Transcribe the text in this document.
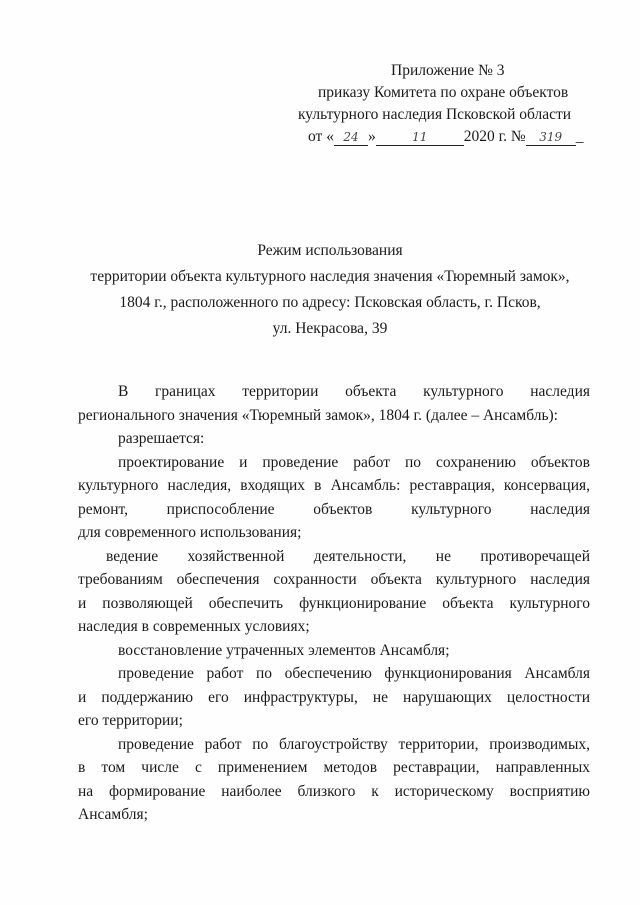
Приложение № 3
приказу Комитета по охране объектов
культурного наследия Псковской области
от « 24 »	11 2020 г. № 319 _
Режим использования
территории объекта культурного наследия значения «Тюремный замок»,
1804 г., расположенного по адресу: Псковская область, г. Псков,
ул. Некрасова, 39
В границах территории объекта культурного наследия
регионального значения «Тюремный замок», 1804 г. (далее – Ансамбль):
разрешается:
проектирование и проведение работ по сохранению объектов
культурного наследия, входящих в Ансамбль: реставрация, консервация,
ремонт, приспособление объектов культурного наследия
для современного использования;
ведение хозяйственной деятельности, не противоречащей
требованиям обеспечения сохранности объекта культурного наследия
и позволяющей обеспечить функционирование объекта культурного
наследия в современных условиях;
восстановление утраченных элементов Ансамбля;
проведение работ по обеспечению функционирования Ансамбля
и поддержанию его инфраструктуры, не нарушающих целостности
его территории;
проведение работ по благоустройству территории, производимых,
в том числе с применением методов реставрации, направленных
на формирование наиболее близкого к историческому восприятию
Ансамбля;
